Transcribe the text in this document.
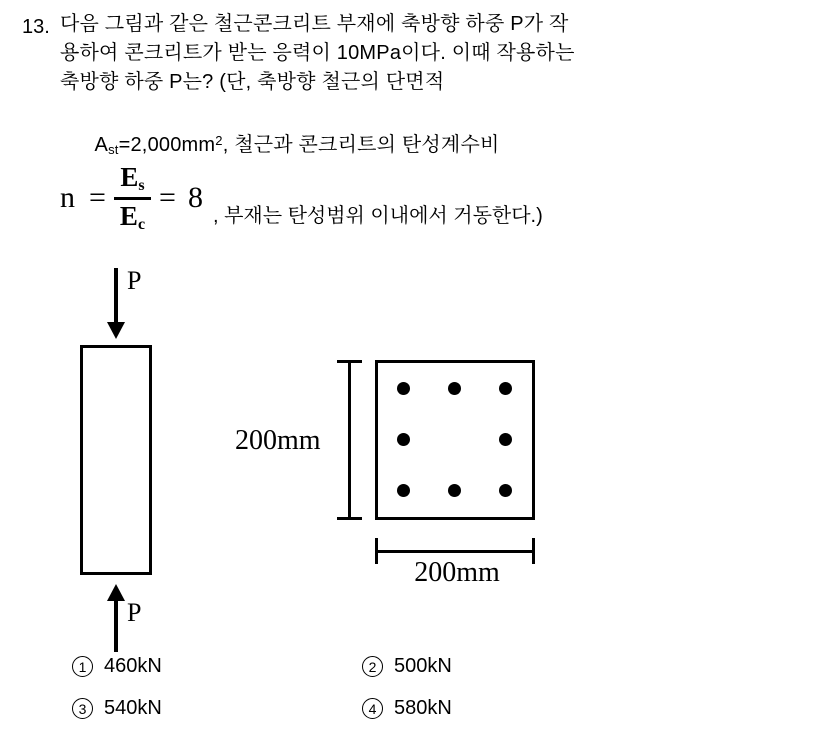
13. 다음 그림과 같은 철근콘크리트 부재에 축방향 하중 P가 작
용하여 콘크리트가 받는 응력이 10MPa이다. 이때 작용하는
축방향 하중 P는? (단, 축방향 철근의 단면적

$A_{st}=2,000mm^2$, 철근과 콘크리트의 탄성계수비

$n = \frac{Es}{Ec} = 8$
, 부재는 탄성범위 이내에서 거동한다.)
P
P
200mm
200mm
1 460kN	2 500kN
3 540kN	4 580kN
